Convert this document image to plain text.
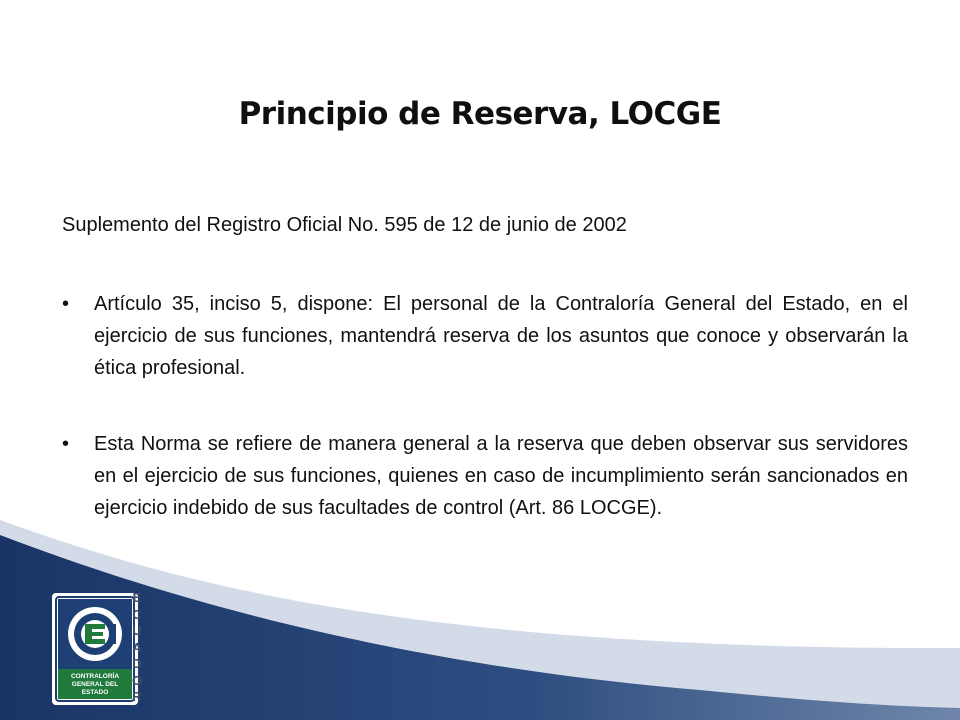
Principio de Reserva, LOCGE
Suplemento del Registro Oficial No. 595 de 12 de junio de 2002
•	Artículo 35, inciso 5, dispone: El personal de la Contraloría General del Estado, en el ejercicio de sus funciones, mantendrá reserva de los asuntos que conoce y observarán la ética profesional.
•	Esta Norma se refiere de manera general a la reserva que deben observar sus servidores en el ejercicio de sus funciones, quienes en caso de incumplimiento serán sancionados en ejercicio indebido de sus facultades de control (Art. 86 LOCGE).
CONTRALORÍA GENERAL DEL ESTADO
E
C
U
A
D
O
R
